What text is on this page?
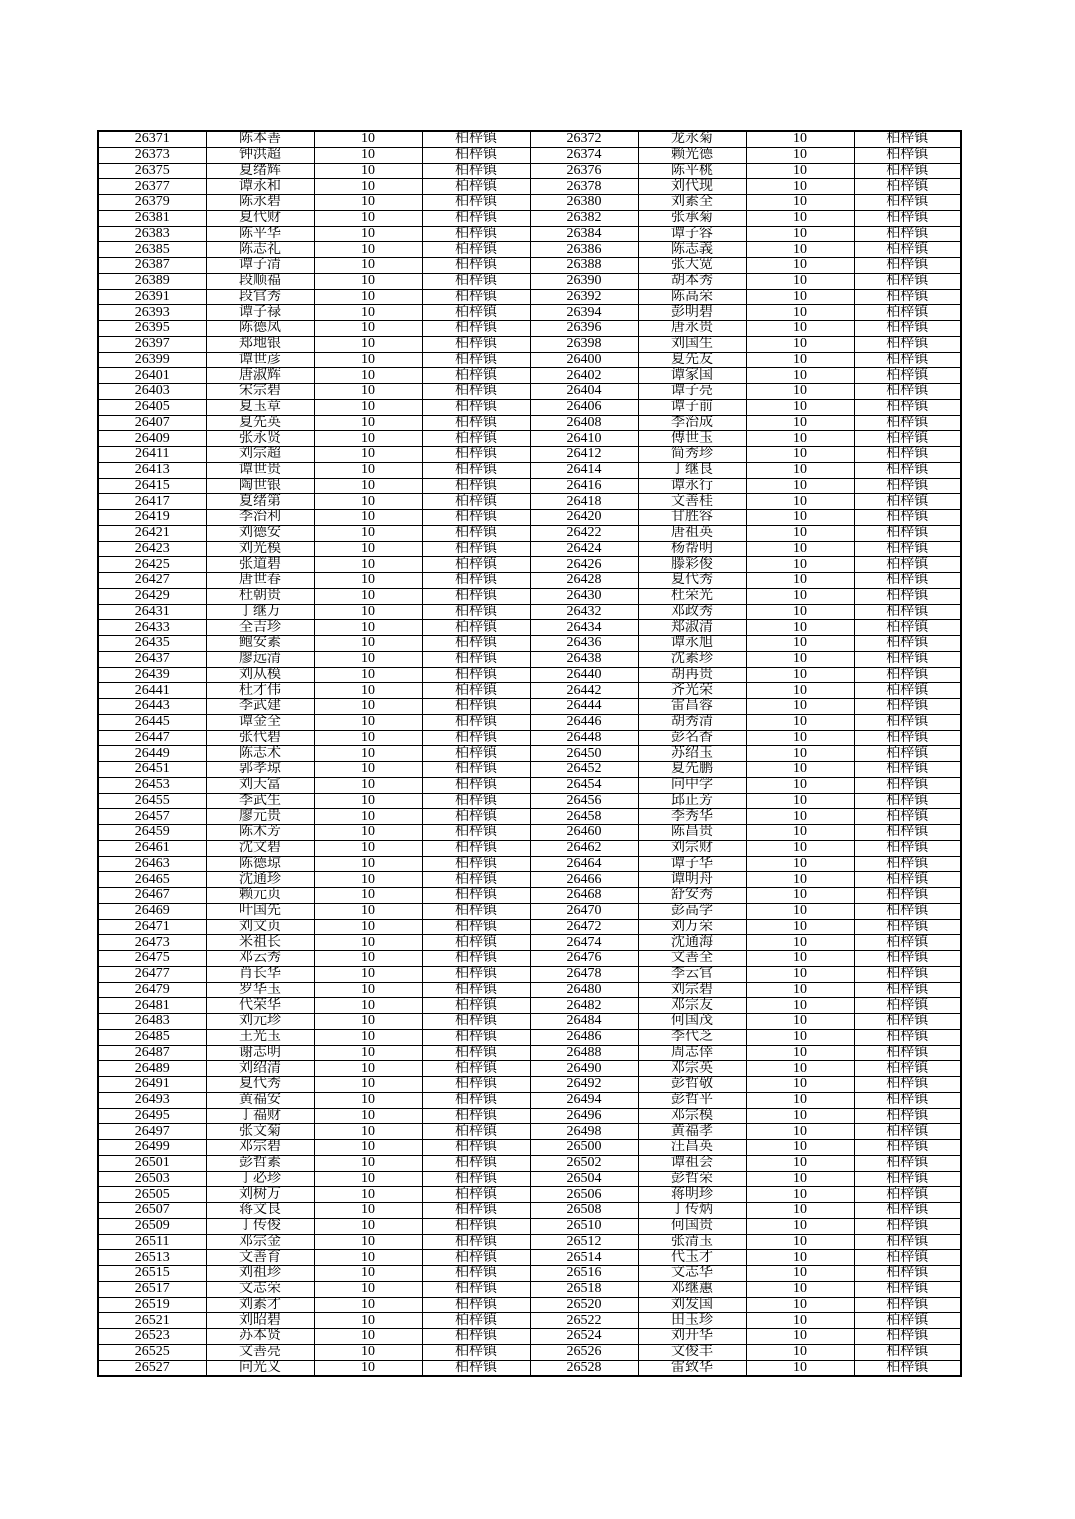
26371	陈本善	10	柏梓镇	26372	龙永菊	10	柏梓镇
26373	钟洪超	10	柏梓镇	26374	赖光德	10	柏梓镇
26375	夏绪辉	10	柏梓镇	26376	陈平桃	10	柏梓镇
26377	谭永和	10	柏梓镇	26378	刘代现	10	柏梓镇
26379	陈永碧	10	柏梓镇	26380	刘素全	10	柏梓镇
26381	夏代财	10	柏梓镇	26382	张承菊	10	柏梓镇
26383	陈平华	10	柏梓镇	26384	谭子容	10	柏梓镇
26385	陈志礼	10	柏梓镇	26386	陈志義	10	柏梓镇
26387	谭子清	10	柏梓镇	26388	张大宽	10	柏梓镇
26389	段顺福	10	柏梓镇	26390	胡本秀	10	柏梓镇
26391	段官秀	10	柏梓镇	26392	陈高荣	10	柏梓镇
26393	谭子禄	10	柏梓镇	26394	彭明碧	10	柏梓镇
26395	陈德凤	10	柏梓镇	26396	唐永贵	10	柏梓镇
26397	郑地银	10	柏梓镇	26398	刘国生	10	柏梓镇
26399	谭世彦	10	柏梓镇	26400	夏先友	10	柏梓镇
26401	唐淑辉	10	柏梓镇	26402	谭家国	10	柏梓镇
26403	宋宗碧	10	柏梓镇	26404	谭子亮	10	柏梓镇
26405	夏玉章	10	柏梓镇	26406	谭子前	10	柏梓镇
26407	夏先英	10	柏梓镇	26408	李治成	10	柏梓镇
26409	张永贤	10	柏梓镇	26410	傅世玉	10	柏梓镇
26411	刘宗超	10	柏梓镇	26412	简秀珍	10	柏梓镇
26413	谭世贵	10	柏梓镇	26414	丁继良	10	柏梓镇
26415	陶世银	10	柏梓镇	26416	谭永行	10	柏梓镇
26417	夏绪第	10	柏梓镇	26418	文善桂	10	柏梓镇
26419	李治利	10	柏梓镇	26420	甘胜容	10	柏梓镇
26421	刘德安	10	柏梓镇	26422	唐祖英	10	柏梓镇
26423	刘光模	10	柏梓镇	26424	杨帮明	10	柏梓镇
26425	张道碧	10	柏梓镇	26426	滕彩俊	10	柏梓镇
26427	唐世春	10	柏梓镇	26428	夏代秀	10	柏梓镇
26429	杜朝贵	10	柏梓镇	26430	杜荣光	10	柏梓镇
26431	丁继万	10	柏梓镇	26432	邓政秀	10	柏梓镇
26433	全吉珍	10	柏梓镇	26434	郑淑清	10	柏梓镇
26435	鲍安素	10	柏梓镇	26436	谭永旭	10	柏梓镇
26437	廖远清	10	柏梓镇	26438	沈素珍	10	柏梓镇
26439	刘从模	10	柏梓镇	26440	胡再贵	10	柏梓镇
26441	杜才伟	10	柏梓镇	26442	齐光荣	10	柏梓镇
26443	李武建	10	柏梓镇	26444	雷昌蓉	10	柏梓镇
26445	谭金全	10	柏梓镇	26446	胡秀清	10	柏梓镇
26447	张代碧	10	柏梓镇	26448	彭名香	10	柏梓镇
26449	陈志术	10	柏梓镇	26450	苏绍玉	10	柏梓镇
26451	郭孝琼	10	柏梓镇	26452	夏先鹏	10	柏梓镇
26453	刘天富	10	柏梓镇	26454	向中学	10	柏梓镇
26455	李武生	10	柏梓镇	26456	邱正芳	10	柏梓镇
26457	廖元贵	10	柏梓镇	26458	李秀华	10	柏梓镇
26459	陈术芳	10	柏梓镇	26460	陈昌贵	10	柏梓镇
26461	沈文碧	10	柏梓镇	26462	刘宗财	10	柏梓镇
26463	陈德琼	10	柏梓镇	26464	谭子华	10	柏梓镇
26465	沈通珍	10	柏梓镇	26466	谭明舟	10	柏梓镇
26467	赖元贞	10	柏梓镇	26468	舒安秀	10	柏梓镇
26469	叶国先	10	柏梓镇	26470	彭高学	10	柏梓镇
26471	刘文贞	10	柏梓镇	26472	刘万荣	10	柏梓镇
26473	米祖长	10	柏梓镇	26474	沈通海	10	柏梓镇
26475	邓云秀	10	柏梓镇	26476	文善全	10	柏梓镇
26477	肖长华	10	柏梓镇	26478	李云官	10	柏梓镇
26479	罗华玉	10	柏梓镇	26480	刘宗碧	10	柏梓镇
26481	代荣华	10	柏梓镇	26482	邓宗友	10	柏梓镇
26483	刘元珍	10	柏梓镇	26484	何国茂	10	柏梓镇
26485	王光玉	10	柏梓镇	26486	李代芝	10	柏梓镇
26487	谢志明	10	柏梓镇	26488	周志倖	10	柏梓镇
26489	刘绍清	10	柏梓镇	26490	邓宗英	10	柏梓镇
26491	夏代秀	10	柏梓镇	26492	彭哲敬	10	柏梓镇
26493	黄福安	10	柏梓镇	26494	彭哲平	10	柏梓镇
26495	丁福财	10	柏梓镇	26496	邓宗模	10	柏梓镇
26497	张文菊	10	柏梓镇	26498	黄福孝	10	柏梓镇
26499	邓宗碧	10	柏梓镇	26500	汪昌英	10	柏梓镇
26501	彭哲素	10	柏梓镇	26502	谭祖会	10	柏梓镇
26503	丁必珍	10	柏梓镇	26504	彭哲荣	10	柏梓镇
26505	刘树万	10	柏梓镇	26506	蒋明珍	10	柏梓镇
26507	蒋文良	10	柏梓镇	26508	丁传炳	10	柏梓镇
26509	丁传俊	10	柏梓镇	26510	何国贵	10	柏梓镇
26511	邓宗金	10	柏梓镇	26512	张清玉	10	柏梓镇
26513	文善育	10	柏梓镇	26514	代玉才	10	柏梓镇
26515	刘祖珍	10	柏梓镇	26516	文志华	10	柏梓镇
26517	文志荣	10	柏梓镇	26518	邓继蕙	10	柏梓镇
26519	刘素才	10	柏梓镇	26520	刘发国	10	柏梓镇
26521	刘昭碧	10	柏梓镇	26522	田玉珍	10	柏梓镇
26523	苏本贤	10	柏梓镇	26524	刘开华	10	柏梓镇
26525	文善亮	10	柏梓镇	26526	文俊丰	10	柏梓镇
26527	向光义	10	柏梓镇	26528	雷致华	10	柏梓镇
